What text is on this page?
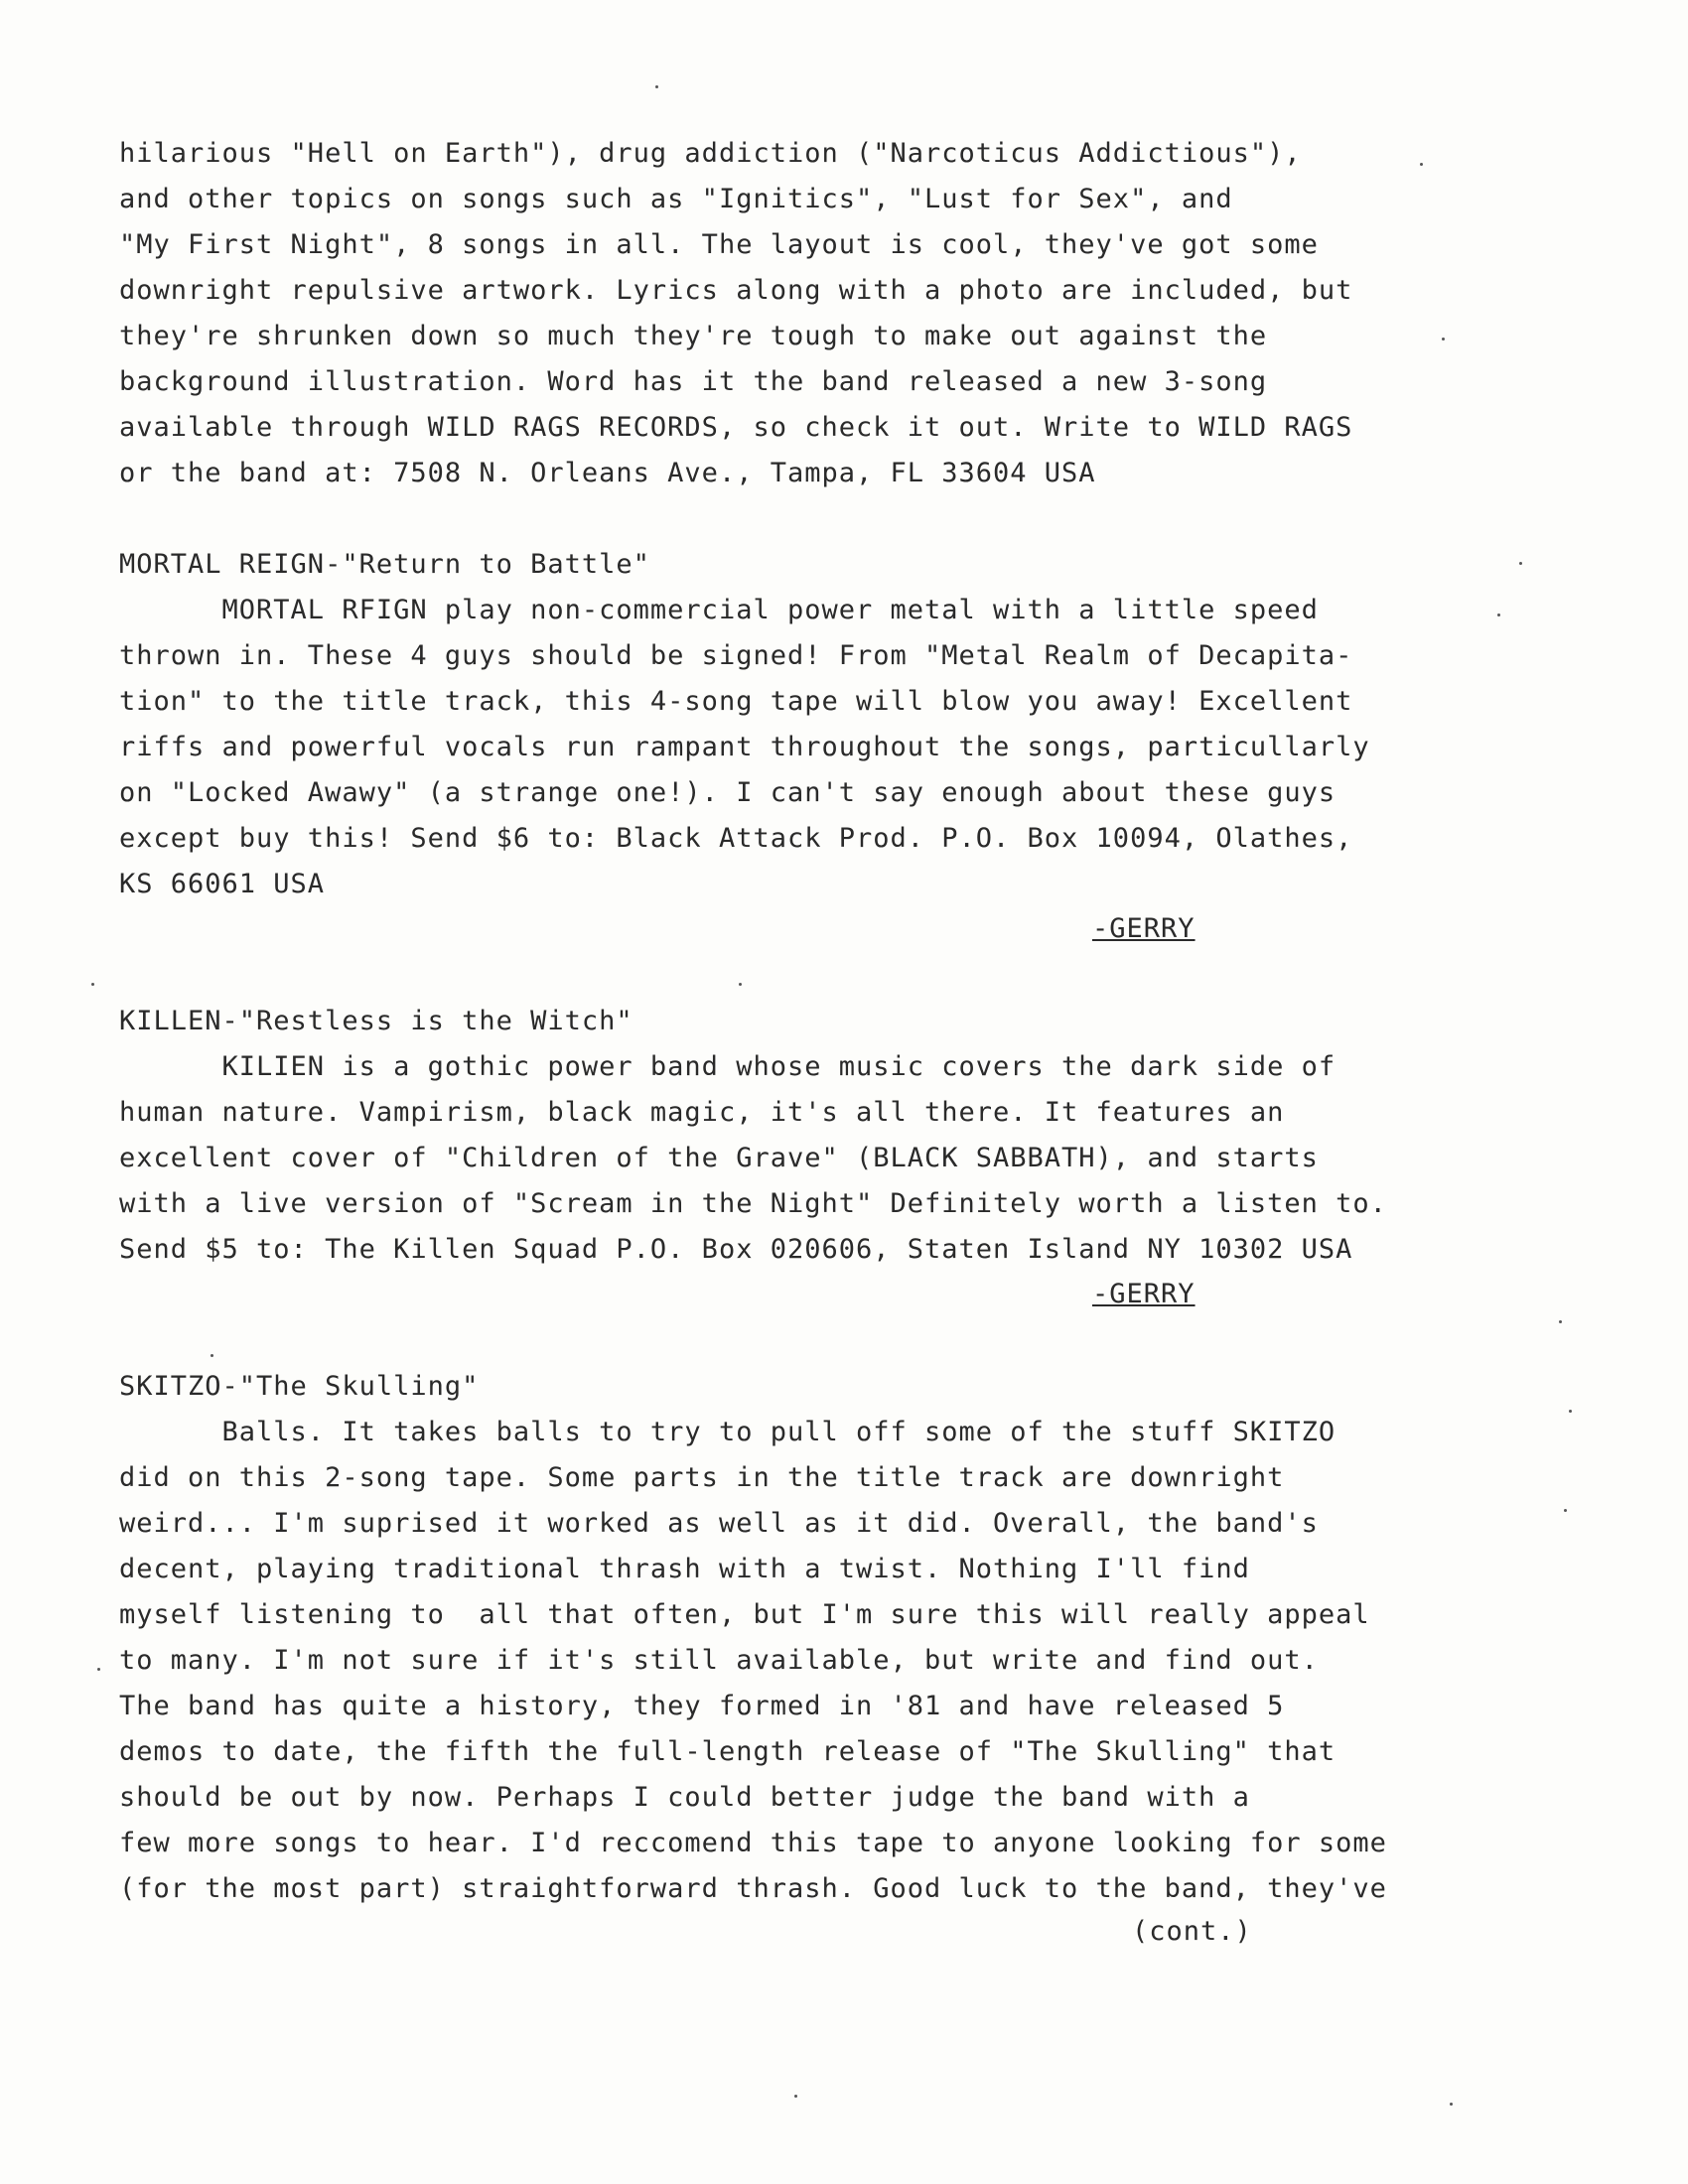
hilarious "Hell on Earth"), drug addiction ("Narcoticus Addictious"),
and other topics on songs such as "Ignitics", "Lust for Sex", and
"My First Night", 8 songs in all. The layout is cool, they've got some
downright repulsive artwork. Lyrics along with a photo are included, but
they're shrunken down so much they're tough to make out against the
background illustration. Word has it the band released a new 3-song
available through WILD RAGS RECORDS, so check it out. Write to WILD RAGS
or the band at: 7508 N. Orleans Ave., Tampa, FL 33604 USA
MORTAL REIGN-"Return to Battle"
MORTAL RFIGN play non-commercial power metal with a little speed
thrown in. These 4 guys should be signed! From "Metal Realm of Decapita-
tion" to the title track, this 4-song tape will blow you away! Excellent
riffs and powerful vocals run rampant throughout the songs, particullarly
on "Locked Awawy" (a strange one!). I can't say enough about these guys
except buy this! Send $6 to: Black Attack Prod. P.O. Box 10094, Olathes,
KS 66061 USA
-GERRY
KILLEN-"Restless is the Witch"
KILIEN is a gothic power band whose music covers the dark side of
human nature. Vampirism, black magic, it's all there. It features an
excellent cover of "Children of the Grave" (BLACK SABBATH), and starts
with a live version of "Scream in the Night" Definitely worth a listen to.
Send $5 to: The Killen Squad P.O. Box 020606, Staten Island NY 10302 USA
-GERRY
SKITZO-"The Skulling"
Balls. It takes balls to try to pull off some of the stuff SKITZO
did on this 2-song tape. Some parts in the title track are downright
weird... I'm suprised it worked as well as it did. Overall, the band's
decent, playing traditional thrash with a twist. Nothing I'll find
myself listening to  all that often, but I'm sure this will really appeal
to many. I'm not sure if it's still available, but write and find out.
The band has quite a history, they formed in '81 and have released 5
demos to date, the fifth the full-length release of "The Skulling" that
should be out by now. Perhaps I could better judge the band with a
few more songs to hear. I'd reccomend this tape to anyone looking for some
(for the most part) straightforward thrash. Good luck to the band, they've
(cont.)
